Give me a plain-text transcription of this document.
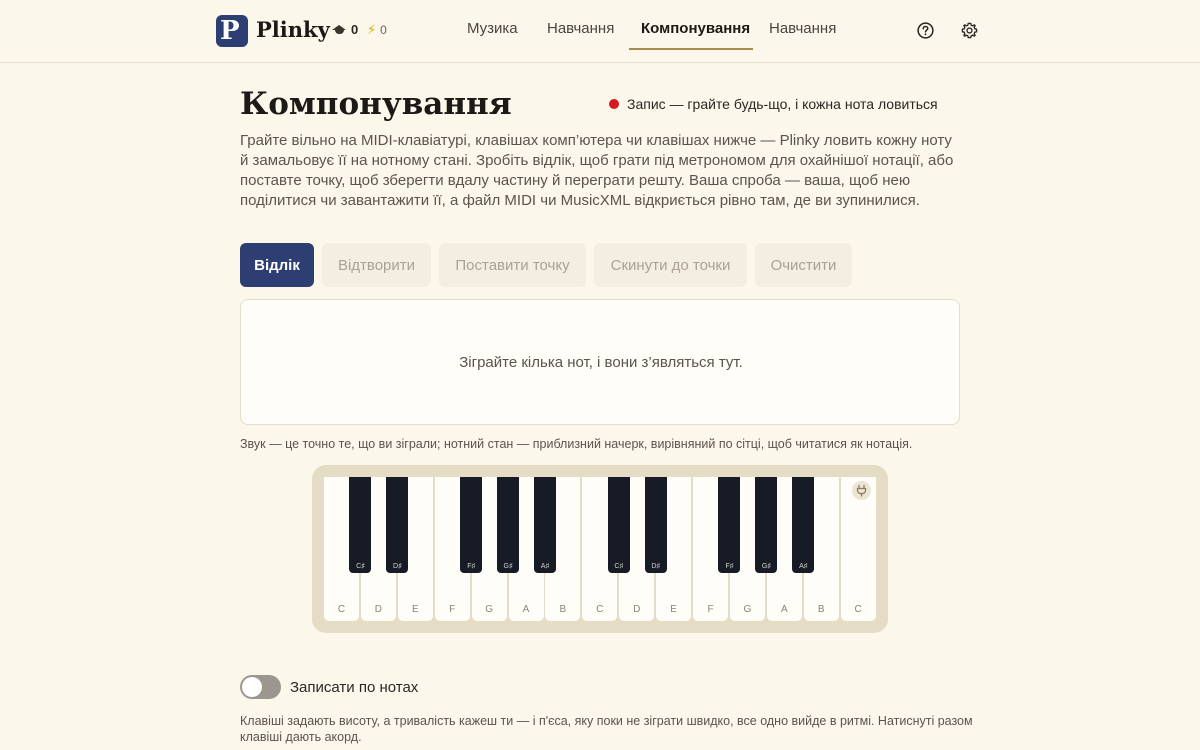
P Plinky 0 ⚡ 0	Музика Навчання Компонування Навчання
Компонування	Запис — грайте будь-що, і кожна нота ловиться

Грайте вільно на MIDI-клавіатурі, клавішах комп’ютера чи клавішах нижче — Plinky ловить кожну ноту й замальовує її на нотному стані. Зробіть відлік, щоб грати під метрономом для охайнішої нотації, або поставте точку, щоб зберегти вдалу частину й переграти решту. Ваша спроба — ваша, щоб нею поділитися чи завантажити її, а файл MIDI чи MusicXML відкриється рівно там, де ви зупинилися.

Відлік	Відтворити	Поставити точку	Скинути до точки	Очистити
Зіграйте кілька нот, і вони з’являться тут.
Звук — це точно те, що ви зіграли; нотний стан — приблизний начерк, вирівняний по сітці, щоб читатися як нотація.
C	D	E	F	G	A	B	C	D	E	F	G	A	B	C
C♯	D♯	F♯	G♯	A♯	C♯	D♯	F♯	G♯	A♯
Записати по нотах

Клавіші задають висоту, а тривалість кажеш ти — і п'єса, яку поки не зіграти швидко, все одно вийде в ритмі. Натиснуті разом клавіші дають акорд.
